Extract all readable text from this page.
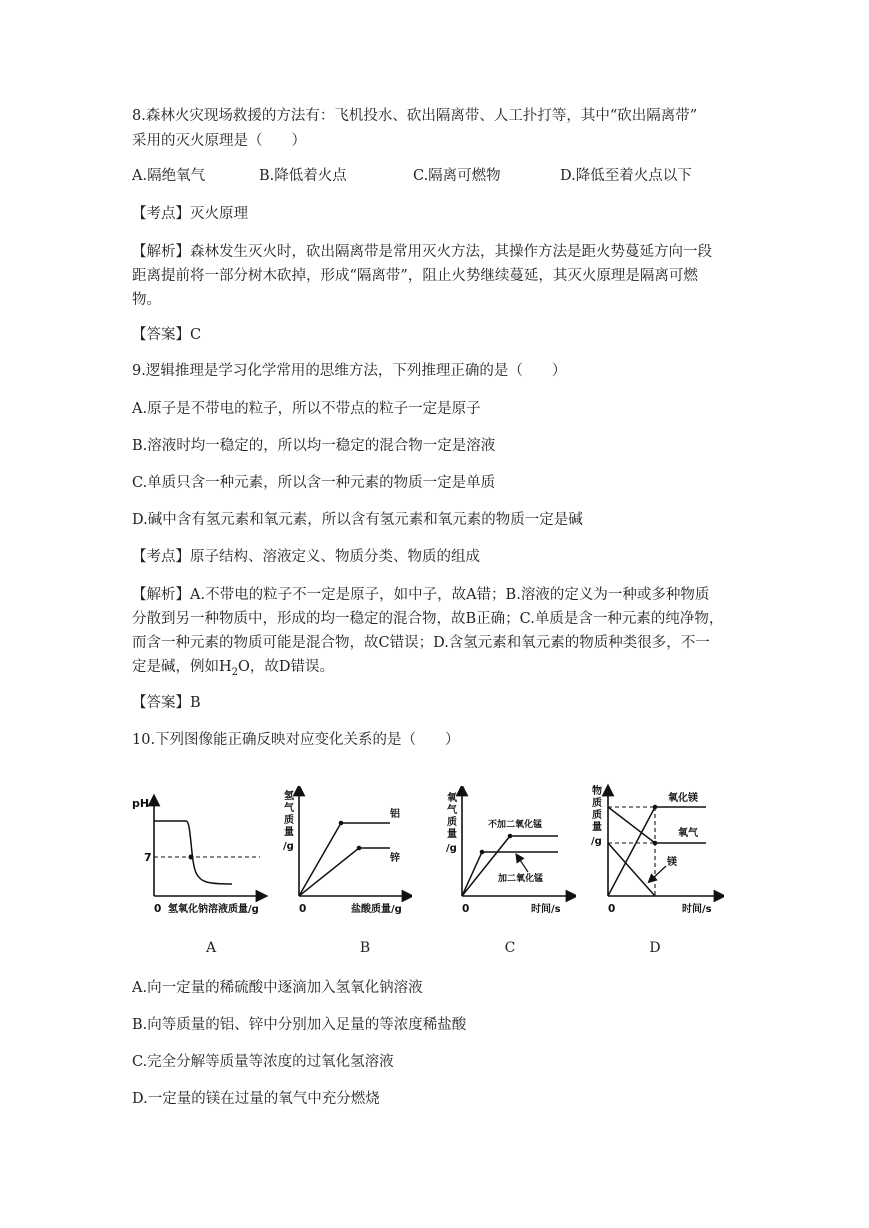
8.森林火灾现场救援的方法有：飞机投水、砍出隔离带、人工扑打等，其中“砍出隔离带”
采用的灭火原理是（　　）
A.隔绝氧气	B.降低着火点	C.隔离可燃物	D.降低至着火点以下
【考点】灭火原理
【解析】森林发生灭火时，砍出隔离带是常用灭火方法，其操作方法是距火势蔓延方向一段
距离提前将一部分树木砍掉，形成“隔离带”，阻止火势继续蔓延，其灭火原理是隔离可燃
物。
【答案】C
9.逻辑推理是学习化学常用的思维方法，下列推理正确的是（　　）
A.原子是不带电的粒子，所以不带点的粒子一定是原子
B.溶液时均一稳定的，所以均一稳定的混合物一定是溶液
C.单质只含一种元素，所以含一种元素的物质一定是单质
D.碱中含有氢元素和氧元素，所以含有氢元素和氧元素的物质一定是碱
【考点】原子结构、溶液定义、物质分类、物质的组成
【解析】A.不带电的粒子不一定是原子，如中子，故A错；B.溶液的定义为一种或多种物质
分散到另一种物质中，形成的均一稳定的混合物，故B正确；C.单质是含一种元素的纯净物，
而含一种元素的物质可能是混合物，故C错误；D.含氢元素和氧元素的物质种类很多，不一
定是碱，例如$H_2O$，故D错误。
【答案】B
10.下列图像能正确反映对应变化关系的是（　　）
pH
7
0 氢氧化钠溶液质量/g
氢
气
质
量
/g
铝
锌
0	盐酸质量/g
氧
气
质
量
/g
不加二氧化锰
加二氧化锰
0	时间/s
物
质
质
量
/g
氧化镁
氧气
镁
0	时间/s
A	B	C	D
A.向一定量的稀硫酸中逐滴加入氢氧化钠溶液
B.向等质量的铝、锌中分别加入足量的等浓度稀盐酸
C.完全分解等质量等浓度的过氧化氢溶液
D.一定量的镁在过量的氧气中充分燃烧
